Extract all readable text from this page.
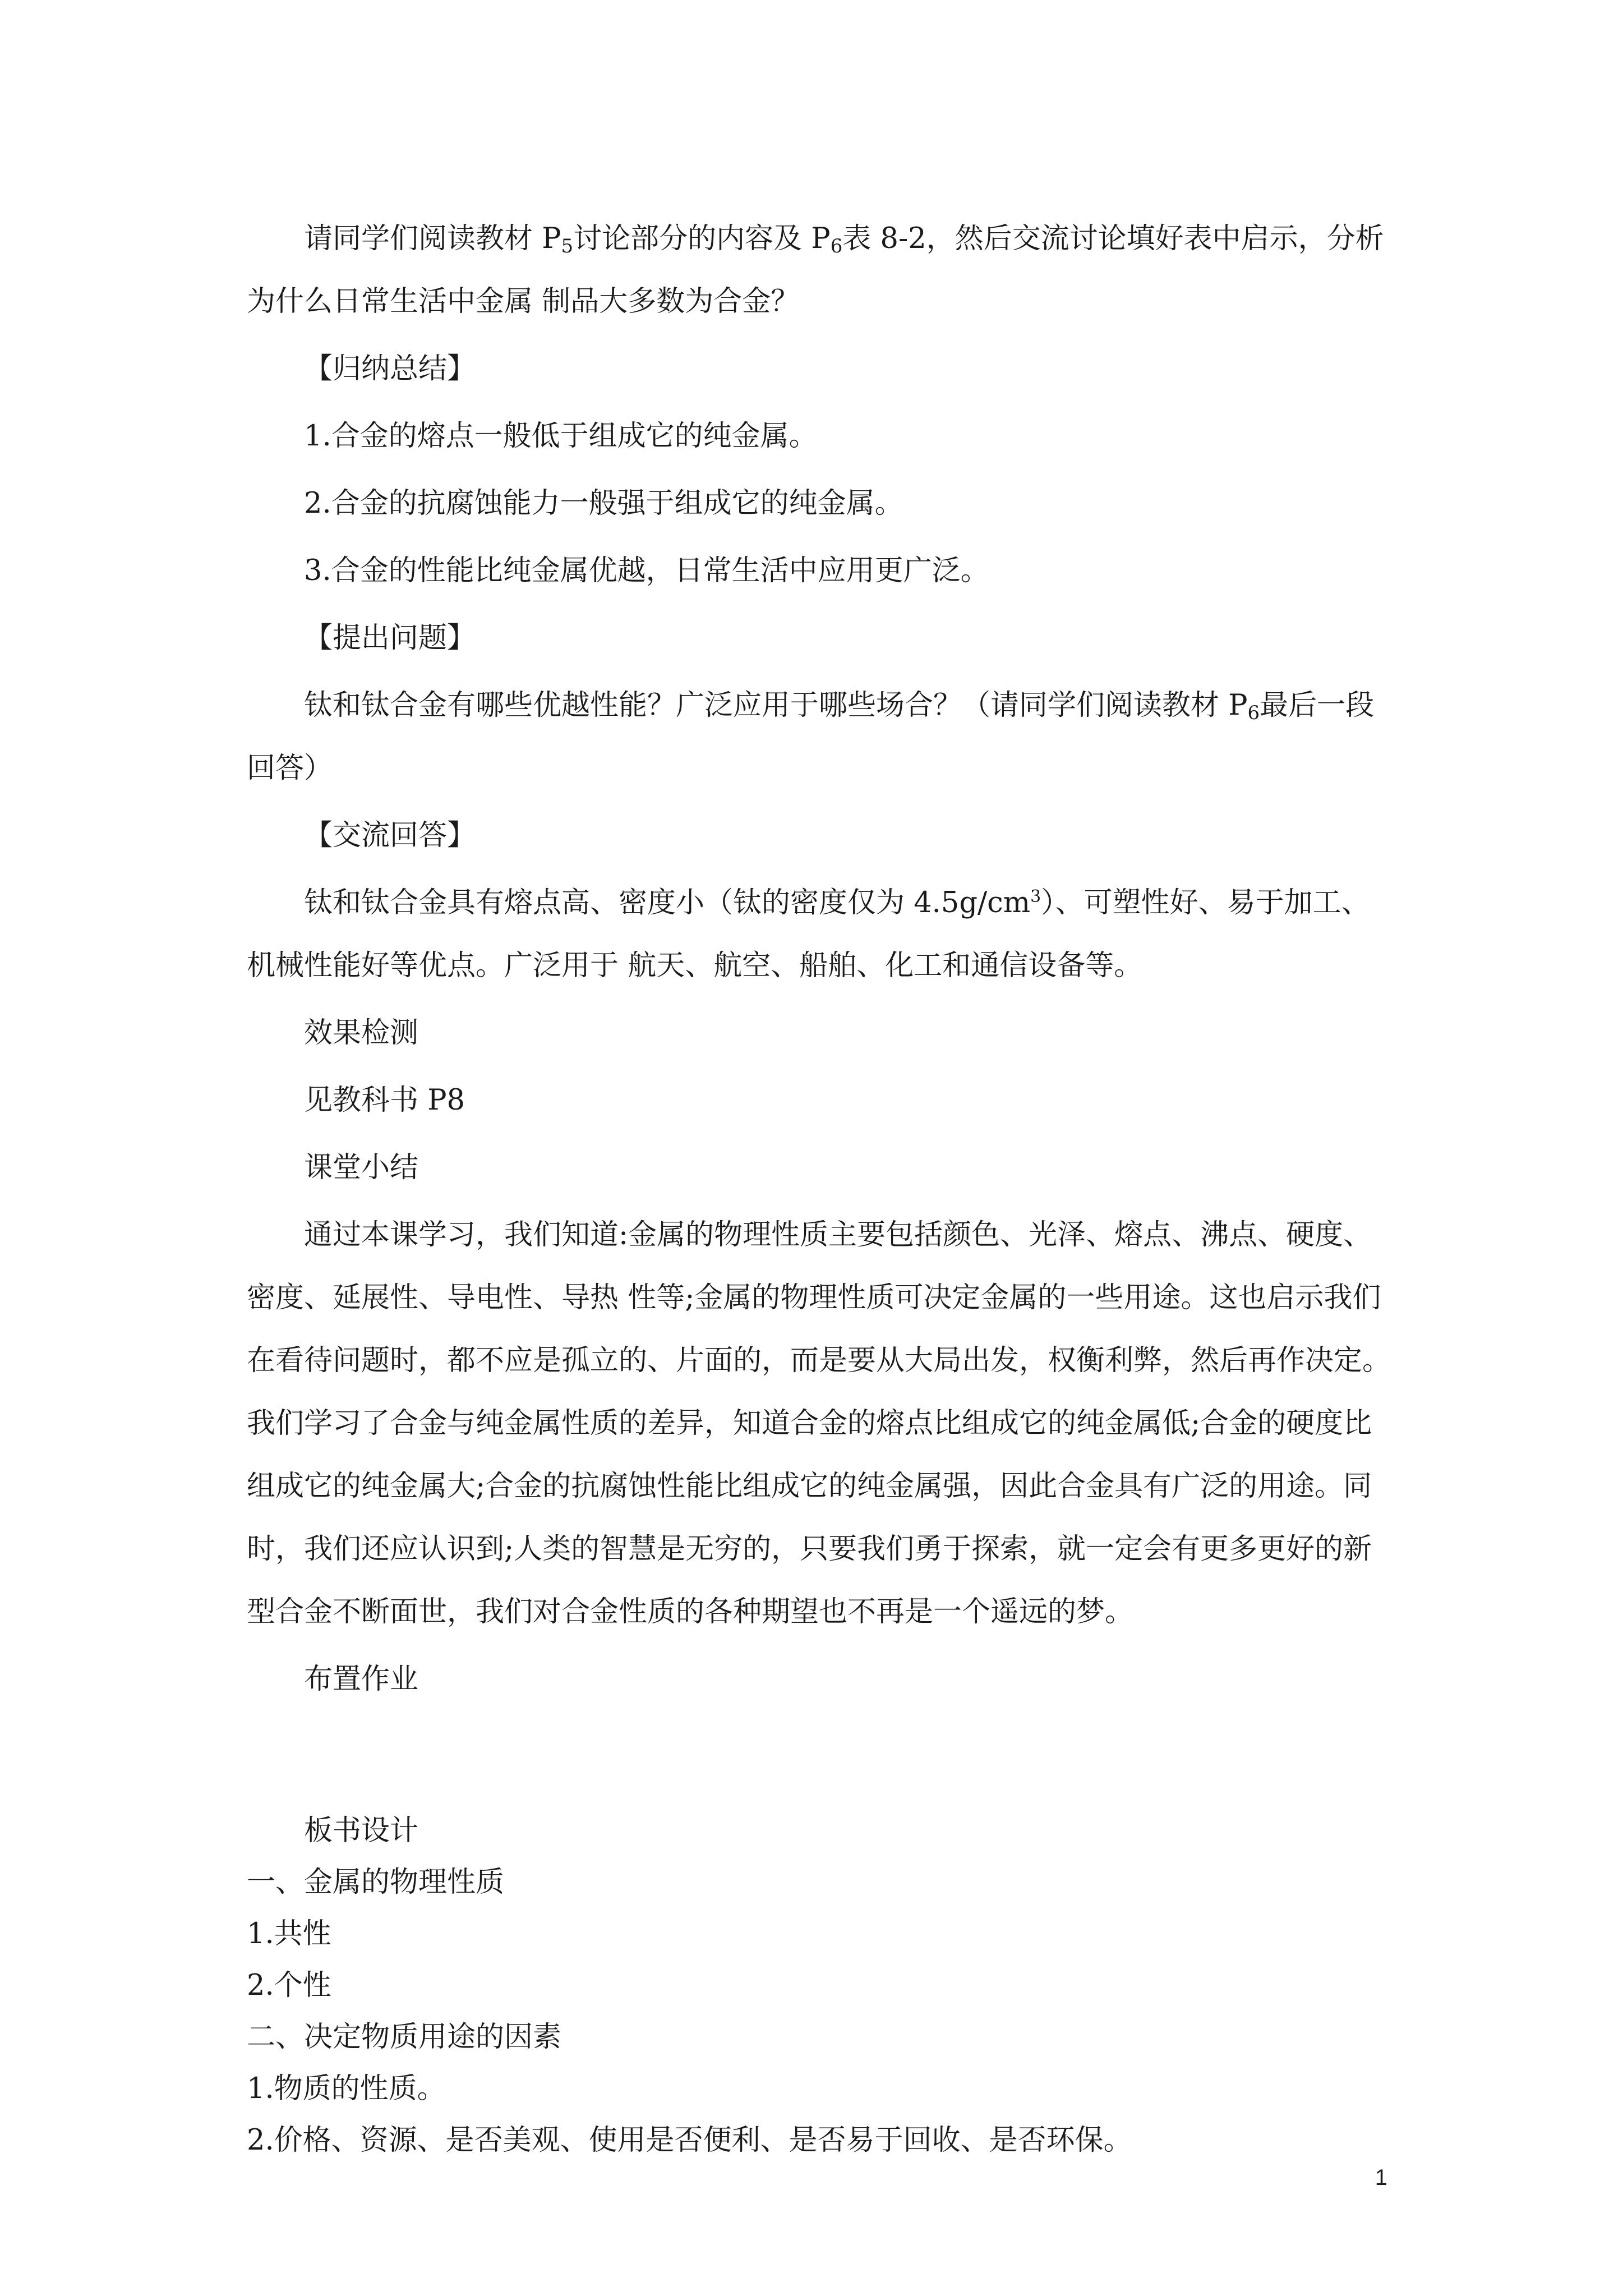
请同学们阅读教材 $P_5$讨论部分的内容及 $P_6$表 8-2，然后交流讨论填好表中启示，分析为什么日常生活中金属 制品大多数为合金？

【归纳总结】

1.合金的熔点一般低于组成它的纯金属。

2.合金的抗腐蚀能力一般强于组成它的纯金属。

3.合金的性能比纯金属优越，日常生活中应用更广泛。

【提出问题】

钛和钛合金有哪些优越性能？广泛应用于哪些场合？（请同学们阅读教材 $P_6$最后一段回答）

【交流回答】

钛和钛合金具有熔点高、密度小（钛的密度仅为 $4.5g/cm^3$）、可塑性好、易于加工、机械性能好等优点。广泛用于 航天、航空、船舶、化工和通信设备等。

效果检测

见教科书 P8

课堂小结

通过本课学习，我们知道:金属的物理性质主要包括颜色、光泽、熔点、沸点、硬度、密度、延展性、导电性、导热 性等;金属的物理性质可决定金属的一些用途。这也启示我们在看待问题时，都不应是孤立的、片面的，而是要从大局出发，权衡利弊，然后再作决定。我们学习了合金与纯金属性质的差异，知道合金的熔点比组成它的纯金属低;合金的硬度比组成它的纯金属大;合金的抗腐蚀性能比组成它的纯金属强，因此合金具有广泛的用途。同时，我们还应认识到;人类的智慧是无穷的，只要我们勇于探索，就一定会有更多更好的新型合金不断面世，我们对合金性质的各种期望也不再是一个遥远的梦。

布置作业

板书设计

一、金属的物理性质

1.共性

2.个性

二、决定物质用途的因素

1.物质的性质。

2.价格、资源、是否美观、使用是否便利、是否易于回收、是否环保。

1
